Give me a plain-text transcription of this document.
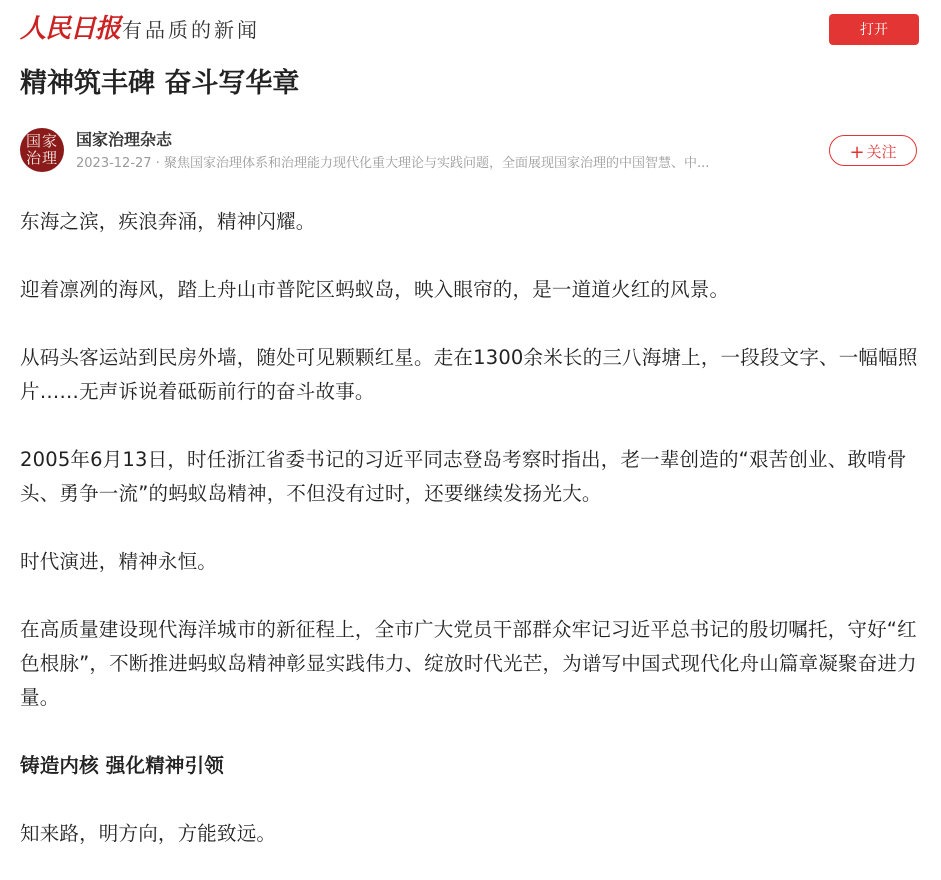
人民日报 有品质的新闻	打开
精神筑丰碑 奋斗写华章
国家治理
国家治理杂志
2023-12-27 · 聚焦国家治理体系和治理能力现代化重大理论与实践问题，全面展现国家治理的中国智慧、中...
+ 关注

东海之滨，疾浪奔涌，精神闪耀。

迎着凛冽的海风，踏上舟山市普陀区蚂蚁岛，映入眼帘的，是一道道火红的风景。

从码头客运站到民房外墙，随处可见颗颗红星。走在1300余米长的三八海塘上，一段段文字、一幅幅照片……无声诉说着砥砺前行的奋斗故事。

2005年6月13日，时任浙江省委书记的习近平同志登岛考察时指出，老一辈创造的“艰苦创业、敢啃骨头、勇争一流”的蚂蚁岛精神，不但没有过时，还要继续发扬光大。

时代演进，精神永恒。

在高质量建设现代海洋城市的新征程上，全市广大党员干部群众牢记习近平总书记的殷切嘱托，守好“红色根脉”，不断推进蚂蚁岛精神彰显实践伟力、绽放时代光芒，为谱写中国式现代化舟山篇章凝聚奋进力量。

铸造内核 强化精神引领

知来路，明方向，方能致远。
